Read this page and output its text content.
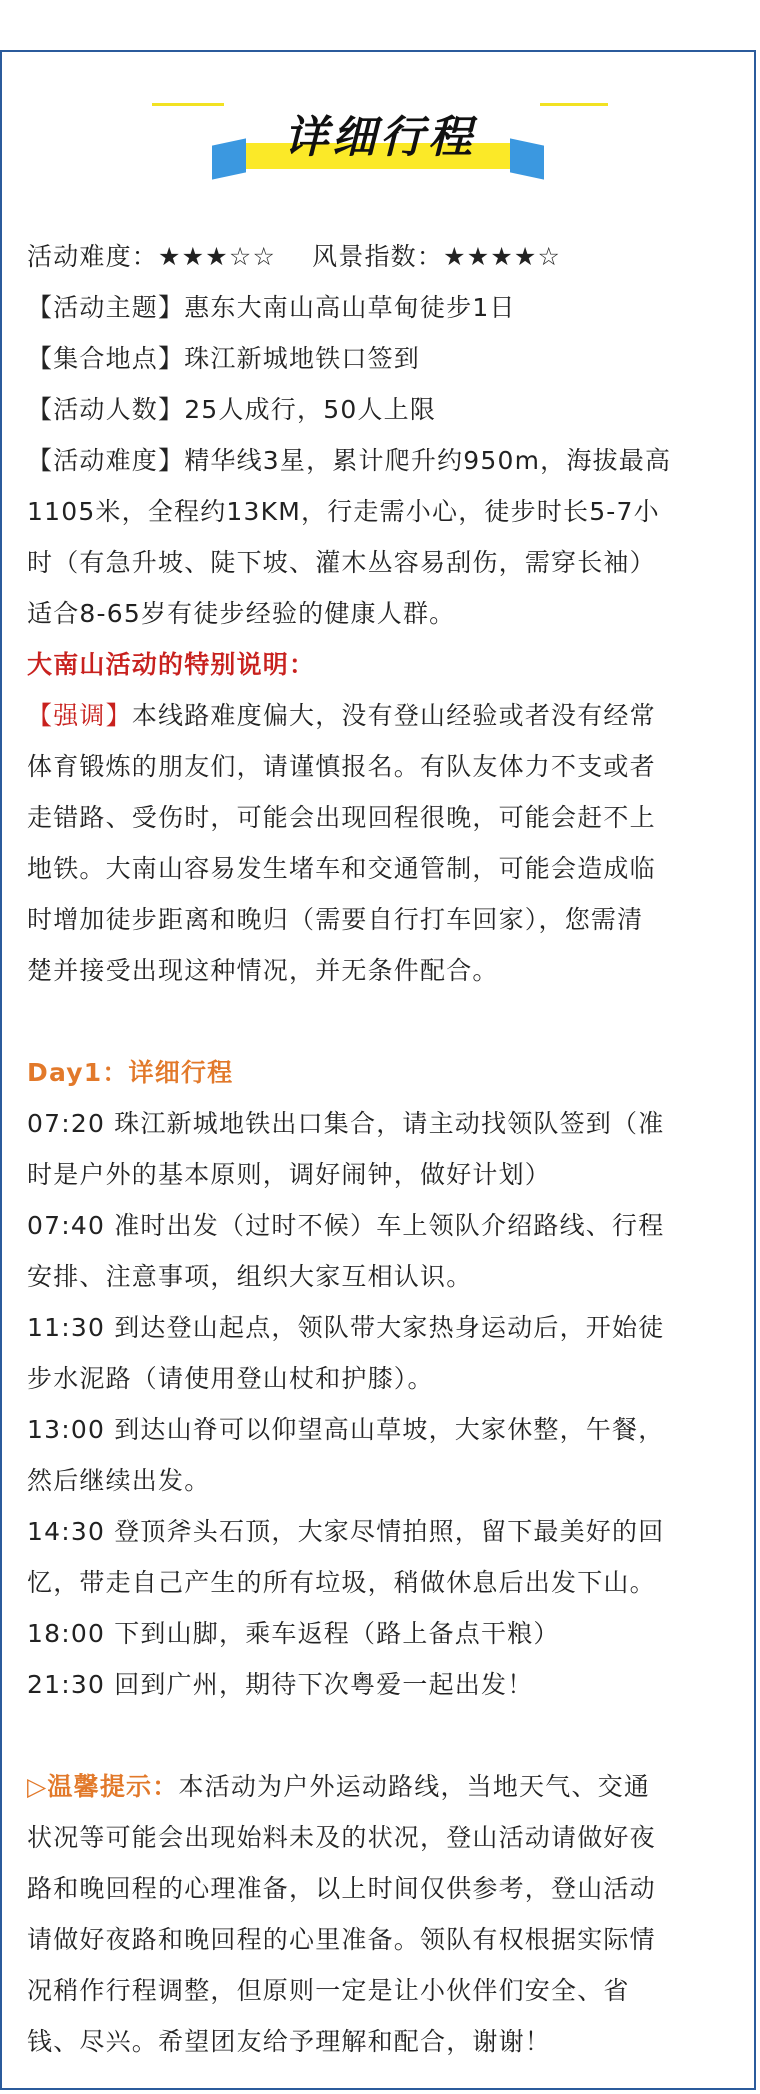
详细行程
活动难度：★★★☆☆ 风景指数：★★★★☆
【活动主题】惠东大南山高山草甸徒步1日
【集合地点】珠江新城地铁口签到
【活动人数】25人成行，50人上限
【活动难度】精华线3星，累计爬升约950m，海拔最高
1105米，全程约13KM，行走需小心，徒步时长5-7小
时（有急升坡、陡下坡、灌木丛容易刮伤，需穿长袖）
适合8-65岁有徒步经验的健康人群。
大南山活动的特别说明：
【强调】本线路难度偏大，没有登山经验或者没有经常
体育锻炼的朋友们，请谨慎报名。有队友体力不支或者
走错路、受伤时，可能会出现回程很晚，可能会赶不上
地铁。大南山容易发生堵车和交通管制，可能会造成临
时增加徒步距离和晚归（需要自行打车回家），您需清
楚并接受出现这种情况，并无条件配合。
Day1：详细行程
07:20 珠江新城地铁出口集合，请主动找领队签到（准
时是户外的基本原则，调好闹钟，做好计划）
07:40 准时出发（过时不候）车上领队介绍路线、行程
安排、注意事项，组织大家互相认识。
11:30 到达登山起点，领队带大家热身运动后，开始徒
步水泥路（请使用登山杖和护膝）。
13:00 到达山脊可以仰望高山草坡，大家休整，午餐，
然后继续出发。
14:30 登顶斧头石顶，大家尽情拍照，留下最美好的回
忆，带走自己产生的所有垃圾，稍做休息后出发下山。
18:00 下到山脚，乘车返程（路上备点干粮）
21:30 回到广州，期待下次粤爱一起出发！
▷温馨提示：本活动为户外运动路线，当地天气、交通
状况等可能会出现始料未及的状况，登山活动请做好夜
路和晚回程的心理准备，以上时间仅供参考，登山活动
请做好夜路和晚回程的心里准备。领队有权根据实际情
况稍作行程调整，但原则一定是让小伙伴们安全、省
钱、尽兴。希望团友给予理解和配合，谢谢！
